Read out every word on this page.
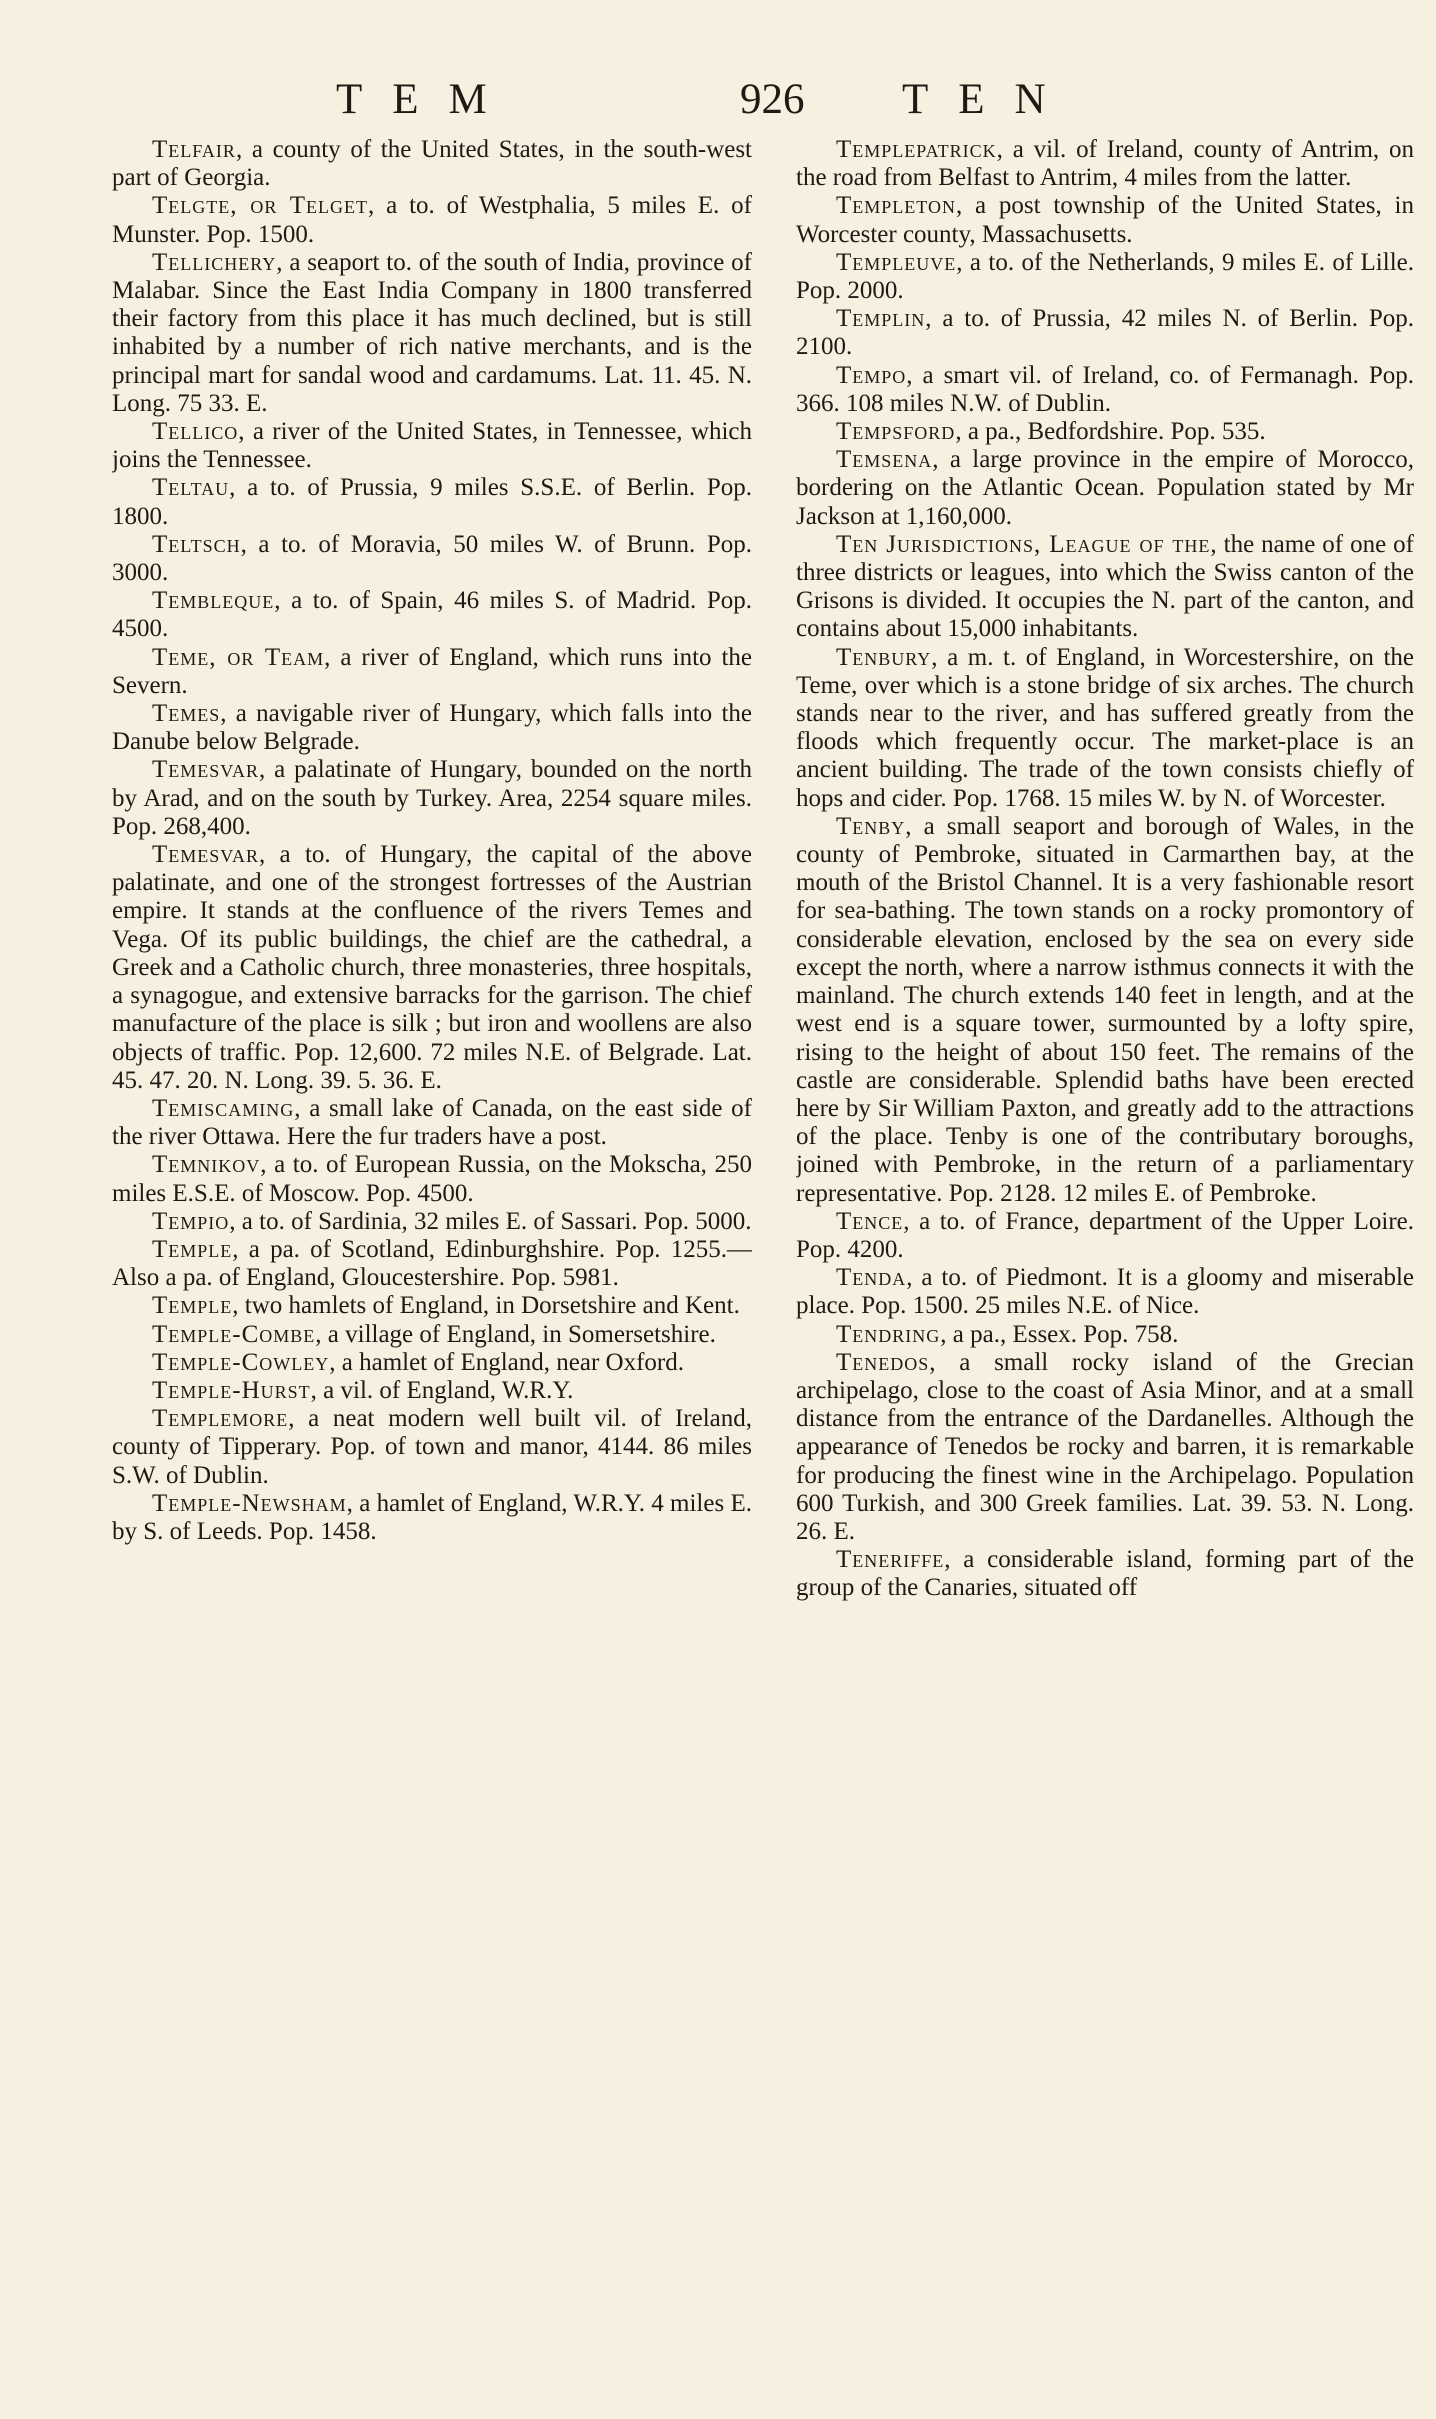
TEM	926 TEN

Telfair, a county of the United States, in the south-west part of Georgia.

Telgte, or Telget, a to. of Westphalia, 5 miles E. of Munster. Pop. 1500.

Tellichery, a seaport to. of the south of India, province of Malabar. Since the East India Company in 1800 transferred their factory from this place it has much declined, but is still inhabited by a number of rich native merchants, and is the principal mart for sandal wood and cardamums. Lat. 11. 45. N. Long. 75 33. E.

Tellico, a river of the United States, in Tennessee, which joins the Tennessee.

Teltau, a to. of Prussia, 9 miles S.S.E. of Berlin. Pop. 1800.

Teltsch, a to. of Moravia, 50 miles W. of Brunn. Pop. 3000.

Tembleque, a to. of Spain, 46 miles S. of Madrid. Pop. 4500.

Teme, or Team, a river of England, which runs into the Severn.

Temes, a navigable river of Hungary, which falls into the Danube below Belgrade.

Temesvar, a palatinate of Hungary, bounded on the north by Arad, and on the south by Turkey. Area, 2254 square miles. Pop. 268,400.

Temesvar, a to. of Hungary, the capital of the above palatinate, and one of the strongest fortresses of the Austrian empire. It stands at the confluence of the rivers Temes and Vega. Of its public buildings, the chief are the cathedral, a Greek and a Catholic church, three monasteries, three hospitals, a synagogue, and extensive barracks for the garrison. The chief manufacture of the place is silk ; but iron and woollens are also objects of traffic. Pop. 12,600. 72 miles N.E. of Belgrade. Lat. 45. 47. 20. N. Long. 39. 5. 36. E.

Temiscaming, a small lake of Canada, on the east side of the river Ottawa. Here the fur traders have a post.

Temnikov, a to. of European Russia, on the Mokscha, 250 miles E.S.E. of Moscow. Pop. 4500.

Tempio, a to. of Sardinia, 32 miles E. of Sassari. Pop. 5000.

Temple, a pa. of Scotland, Edinburghshire. Pop. 1255.—Also a pa. of England, Gloucestershire. Pop. 5981.

Temple, two hamlets of England, in Dorsetshire and Kent.

Temple-Combe, a village of England, in Somersetshire.

Temple-Cowley, a hamlet of England, near Oxford.

Temple-Hurst, a vil. of England, W.R.Y.

Templemore, a neat modern well built vil. of Ireland, county of Tipperary. Pop. of town and manor, 4144. 86 miles S.W. of Dublin.

Temple-Newsham, a hamlet of England, W.R.Y. 4 miles E. by S. of Leeds. Pop. 1458.

Templepatrick, a vil. of Ireland, county of Antrim, on the road from Belfast to Antrim, 4 miles from the latter.

Templeton, a post township of the United States, in Worcester county, Massachusetts.

Templeuve, a to. of the Netherlands, 9 miles E. of Lille. Pop. 2000.

Templin, a to. of Prussia, 42 miles N. of Berlin. Pop. 2100.

Tempo, a smart vil. of Ireland, co. of Fermanagh. Pop. 366. 108 miles N.W. of Dublin.

Tempsford, a pa., Bedfordshire. Pop. 535.

Temsena, a large province in the empire of Morocco, bordering on the Atlantic Ocean. Population stated by Mr Jackson at 1,160,000.

Ten Jurisdictions, League of the, the name of one of three districts or leagues, into which the Swiss canton of the Grisons is divided. It occupies the N. part of the canton, and contains about 15,000 inhabitants.

Tenbury, a m. t. of England, in Worcestershire, on the Teme, over which is a stone bridge of six arches. The church stands near to the river, and has suffered greatly from the floods which frequently occur. The market-place is an ancient building. The trade of the town consists chiefly of hops and cider. Pop. 1768. 15 miles W. by N. of Worcester.

Tenby, a small seaport and borough of Wales, in the county of Pembroke, situated in Carmarthen bay, at the mouth of the Bristol Channel. It is a very fashionable resort for sea-bathing. The town stands on a rocky promontory of considerable elevation, enclosed by the sea on every side except the north, where a narrow isthmus connects it with the mainland. The church extends 140 feet in length, and at the west end is a square tower, surmounted by a lofty spire, rising to the height of about 150 feet. The remains of the castle are considerable. Splendid baths have been erected here by Sir William Paxton, and greatly add to the attractions of the place. Tenby is one of the contributary boroughs, joined with Pembroke, in the return of a parliamentary representative. Pop. 2128. 12 miles E. of Pembroke.

Tence, a to. of France, department of the Upper Loire. Pop. 4200.

Tenda, a to. of Piedmont. It is a gloomy and miserable place. Pop. 1500. 25 miles N.E. of Nice.

Tendring, a pa., Essex. Pop. 758.

Tenedos, a small rocky island of the Grecian archipelago, close to the coast of Asia Minor, and at a small distance from the entrance of the Dardanelles. Although the appearance of Tenedos be rocky and barren, it is remarkable for producing the finest wine in the Archipelago. Population 600 Turkish, and 300 Greek families. Lat. 39. 53. N. Long. 26. E.

Teneriffe, a considerable island, forming part of the group of the Canaries, situated off
